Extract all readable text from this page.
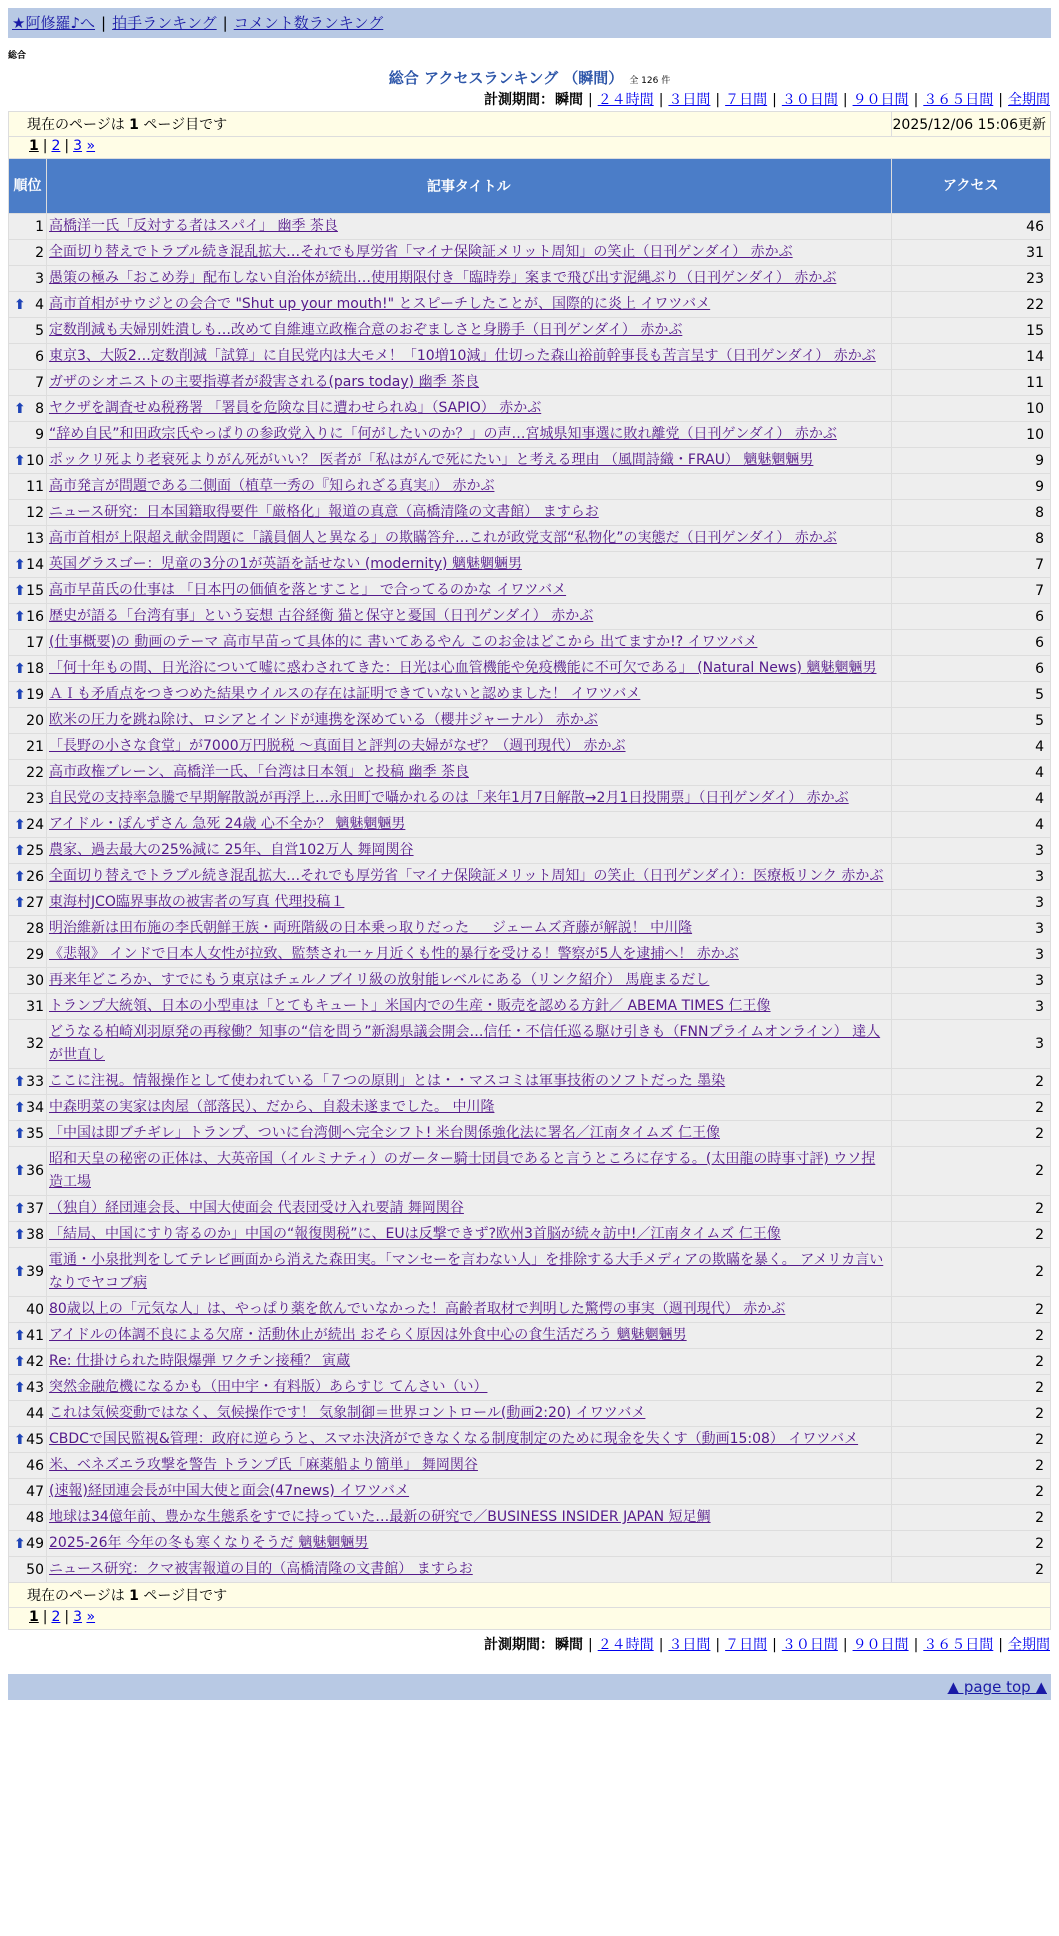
★阿修羅♪へ | 拍手ランキング | コメント数ランキング
総合
総合 アクセスランキング （瞬間） 全 126 件
計測期間：瞬間 | ２４時間 | ３日間 | ７日間 | ３０日間 | ９０日間 | ３６５日間 | 全期間
現在のページは 1 ページ目です		2025/12/06 15:06更新

1 | 2 | 3 »		
順位	記事タイトル	アクセス
1	高橋洋一氏「反対する者はスパイ」 幽季 茶良	46
2	全面切り替えでトラブル続き混乱拡大…それでも厚労省「マイナ保険証メリット周知」の笑止（日刊ゲンダイ） 赤かぶ	31
3	愚策の極み「おこめ券」配布しない自治体が続出…使用期限付き「臨時券」案まで飛び出す泥縄ぶり（日刊ゲンダイ） 赤かぶ	23

⬆ 4	高市首相がサウジとの会合で "Shut up your mouth!" とスピーチしたことが、国際的に炎上 イワツバメ	22
5	定数削減も夫婦別姓潰しも…改めて自維連立政権合意のおぞましさと身勝手（日刊ゲンダイ） 赤かぶ	15
6	東京3、大阪2…定数削減「試算」に自民党内は大モメ！「10増10減」仕切った森山裕前幹事長も苦言呈す（日刊ゲンダイ） 赤かぶ	14
7	ガザのシオニストの主要指導者が殺害される(pars today) 幽季 茶良	11

⬆ 8	ヤクザを調査せぬ税務署 「署員を危険な目に遭わせられぬ」（SAPIO） 赤かぶ	10
9	“辞め自民”和田政宗氏やっぱりの参政党入りに「何がしたいのか？」の声…宮城県知事選に敗れ離党（日刊ゲンダイ） 赤かぶ	10

⬆ 10	ポックリ死より老衰死よりがん死がいい？ 医者が「私はがんで死にたい」と考える理由 （風間詩織・FRAU） 魑魅魍魎男	9
11	高市発言が問題である二側面（植草一秀の『知られざる真実』） 赤かぶ	9
12	ニュース研究：日本国籍取得要件「厳格化」報道の真意（高橋清隆の文書館） ますらお	8
13	高市首相が上限超え献金問題に「議員個人と異なる」の欺瞞答弁…これが政党支部“私物化”の実態だ（日刊ゲンダイ） 赤かぶ	8

⬆ 14	英国グラスゴー：児童の3分の1が英語を話せない (modernity) 魑魅魍魎男	7

⬆ 15	高市早苗氏の仕事は 「日本円の価値を落とすこと」 で合ってるのかな イワツバメ	7

⬆ 16	歴史が語る「台湾有事」という妄想 古谷経衡 猫と保守と憂国（日刊ゲンダイ） 赤かぶ	6
17	(仕事概要)の 動画のテーマ 高市早苗って具体的に 書いてあるやん このお金はどこから 出てますか!? イワツバメ	6

⬆ 18	「何十年もの間、日光浴について嘘に惑わされてきた：日光は心血管機能や免疫機能に不可欠である」 (Natural News) 魑魅魍魎男	6

⬆ 19	ＡＩも矛盾点をつきつめた結果ウイルスの存在は証明できていないと認めました！ イワツバメ	5
20	欧米の圧力を跳ね除け、ロシアとインドが連携を深めている（櫻井ジャーナル） 赤かぶ	5
21	「長野の小さな食堂」が7000万円脱税 ～真面目と評判の夫婦がなぜ？（週刊現代） 赤かぶ	4
22	高市政権ブレーン、高橋洋一氏、「台湾は日本領」と投稿 幽季 茶良	4
23	自民党の支持率急騰で早期解散説が再浮上…永田町で囁かれるのは「来年1月7日解散→2月1日投開票」（日刊ゲンダイ） 赤かぶ	4

⬆ 24	アイドル・ぽんずさん 急死 24歳 心不全か？ 魑魅魍魎男	4

⬆ 25	農家、過去最大の25%減に 25年、自営102万人 舞岡関谷	3

⬆ 26	全面切り替えでトラブル続き混乱拡大…それでも厚労省「マイナ保険証メリット周知」の笑止（日刊ゲンダイ）：医療板リンク 赤かぶ	3

⬆ 27	東海村JCO臨界事故の被害者の写真 代理投稿１	3
28	明治維新は田布施の李氏朝鮮王族・両班階級の日本乗っ取りだった ＿ ジェームズ斉藤が解説！ 中川隆	3
29	《悲報》 インドで日本人女性が拉致、監禁され一ヶ月近くも性的暴行を受ける！警察が5人を逮捕へ！ 赤かぶ	3
30	再来年どころか、すでにもう東京はチェルノブイリ級の放射能レベルにある（リンク紹介） 馬鹿まるだし	3
31	トランプ大統領、日本の小型車は「とてもキュート」米国内での生産・販売を認める方針／ ABEMA TIMES 仁王像	3
32	どうなる柏崎刈羽原発の再稼働？知事の“信を問う”新潟県議会開会…信任・不信任巡る駆け引きも（FNNプライムオンライン） 達人が世直し	3

⬆ 33	ここに注視。情報操作として使われている「７つの原則」とは・・マスコミは軍事技術のソフトだった 墨染	2

⬆ 34	中森明菜の実家は肉屋（部落民）、だから、自殺未遂までした。 中川隆	2

⬆ 35	「中国は即ブチギレ」トランプ、ついに台湾側へ完全シフト! 米台関係強化法に署名／江南タイムズ 仁王像	2

⬆ 36	昭和天皇の秘密の正体は、大英帝国（イルミナティ）のガーター騎士団員であると言うところに存する。(太田龍の時事寸評) ウソ捏造工場	2

⬆ 37	（独自）経団連会長、中国大使面会 代表団受け入れ要請 舞岡関谷	2

⬆ 38	「結局、中国にすり寄るのか」中国の“報復関税”に、EUは反撃できず?欧州3首脳が続々訪中!／江南タイムズ 仁王像	2

⬆ 39	電通・小泉批判をしてテレビ画面から消えた森田実。「マンセーを言わない人」を排除する大手メディアの欺瞞を暴く。 アメリカ言いなりでヤコブ病	2
40	80歳以上の「元気な人」は、やっぱり薬を飲んでいなかった！高齢者取材で判明した驚愕の事実（週刊現代） 赤かぶ	2

⬆ 41	アイドルの体調不良による欠席・活動休止が続出 おそらく原因は外食中心の食生活だろう 魑魅魍魎男	2

⬆ 42	Re: 仕掛けられた時限爆弾 ワクチン接種？ 寅蔵	2

⬆ 43	突然金融危機になるかも（田中宇・有料版）あらすじ てんさい（い）	2
44	これは気候変動ではなく、気候操作です！ 気象制御＝世界コントロール(動画2:20) イワツバメ	2

⬆ 45	CBDCで国民監視&管理：政府に逆らうと、スマホ決済ができなくなる制度制定のために現金を失くす（動画15:08） イワツバメ	2
46	米、ベネズエラ攻撃を警告 トランプ氏「麻薬船より簡単」 舞岡関谷	2
47	(速報)経団連会長が中国大使と面会(47news) イワツバメ	2
48	地球は34億年前、豊かな生態系をすでに持っていた…最新の研究で／BUSINESS INSIDER JAPAN 短足鯛	2

⬆ 49	2025-26年 今年の冬も寒くなりそうだ 魑魅魍魎男	2
50	ニュース研究：クマ被害報道の目的（高橋清隆の文書館） ますらお	2
現在のページは 1 ページ目です		
1 | 2 | 3 »		
計測期間：瞬間 | ２４時間 | ３日間 | ７日間 | ３０日間 | ９０日間 | ３６５日間 | 全期間
▲ page top ▲
